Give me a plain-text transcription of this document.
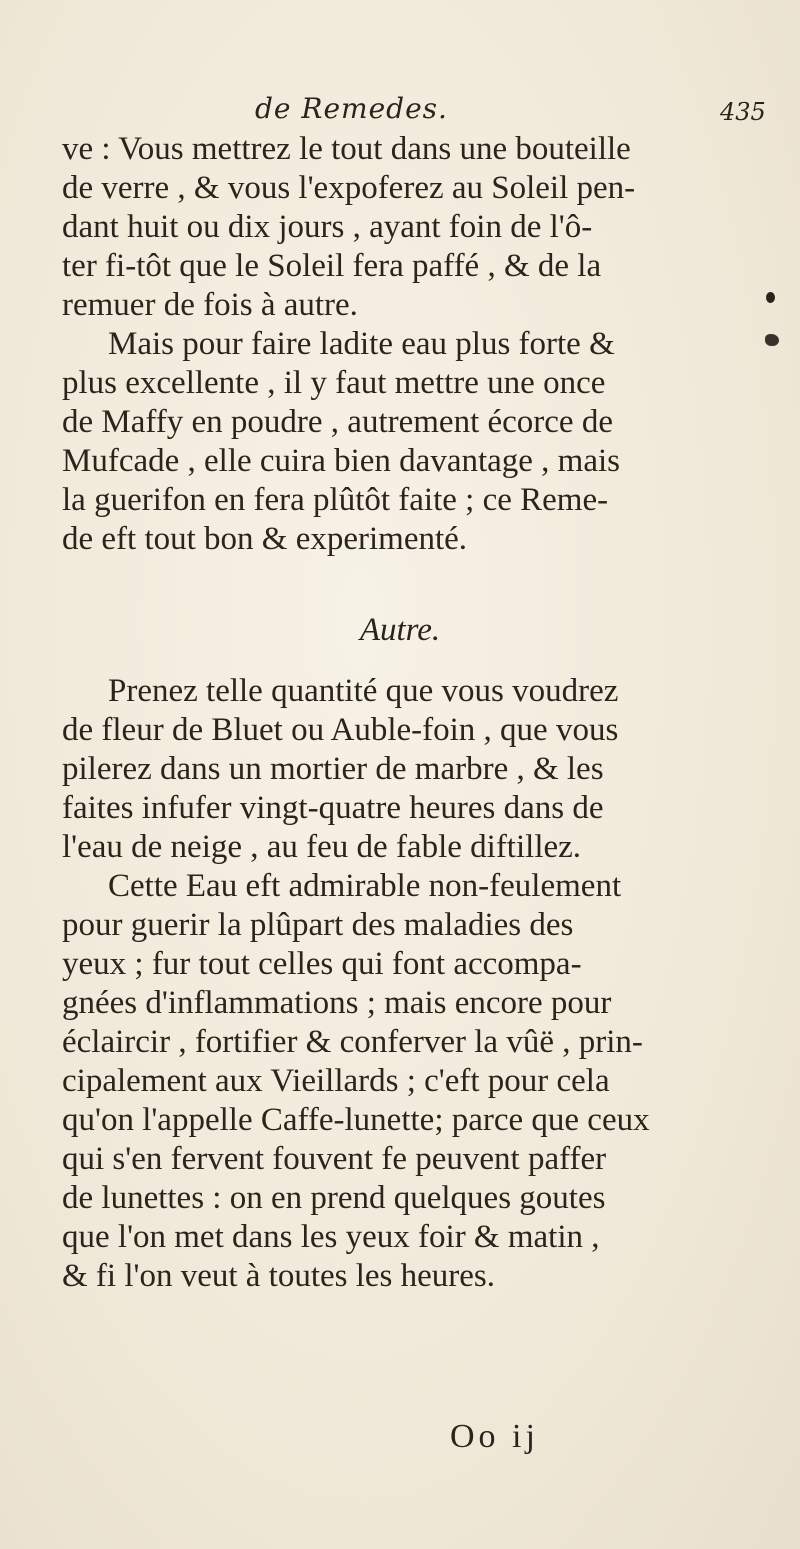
de Remedes.	435
ve : Vous mettrez le tout dans une bouteille
de verre , & vous l'expoferez au Soleil pen-
dant huit ou dix jours , ayant foin de l'ô-
ter fi-tôt que le Soleil fera paffé , & de la
remuer de fois à autre.
Mais pour faire ladite eau plus forte &
plus excellente , il y faut mettre une once
de Maffy en poudre , autrement écorce de
Mufcade , elle cuira bien davantage , mais
la guerifon en fera plûtôt faite ; ce Reme-
de eft tout bon & experimenté.
Autre.
Prenez telle quantité que vous voudrez
de fleur de Bluet ou Auble-foin , que vous
pilerez dans un mortier de marbre , & les
faites infufer vingt-quatre heures dans de
l'eau de neige , au feu de fable diftillez.
Cette Eau eft admirable non-feulement
pour guerir la plûpart des maladies des
yeux ; fur tout celles qui font accompa-
gnées d'inflammations ; mais encore pour
éclaircir , fortifier & conferver la vûë , prin-
cipalement aux Vieillards ; c'eft pour cela
qu'on l'appelle Caffe-lunette; parce que ceux
qui s'en fervent fouvent fe peuvent paffer
de lunettes : on en prend quelques goutes
que l'on met dans les yeux foir & matin ,
& fi l'on veut à toutes les heures.
Oo ij
